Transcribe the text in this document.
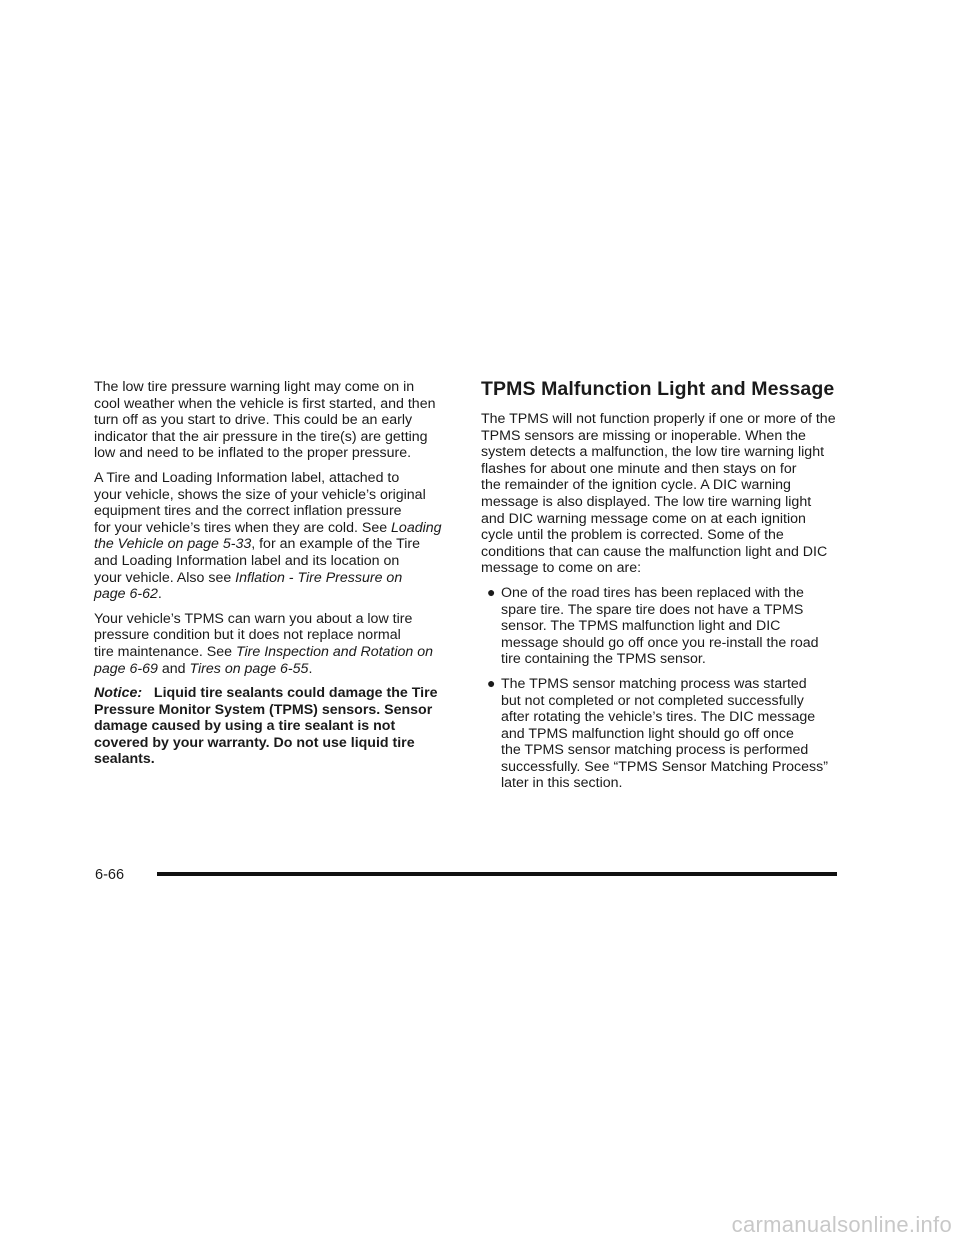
The low tire pressure warning light may come on in
cool weather when the vehicle is first started, and then
turn off as you start to drive. This could be an early
indicator that the air pressure in the tire(s) are getting
low and need to be inflated to the proper pressure.

A Tire and Loading Information label, attached to
your vehicle, shows the size of your vehicle’s original
equipment tires and the correct inflation pressure
for your vehicle’s tires when they are cold. See Loading
the Vehicle on page 5-33, for an example of the Tire
and Loading Information label and its location on
your vehicle. Also see Inflation - Tire Pressure on
page 6-62.

Your vehicle’s TPMS can warn you about a low tire
pressure condition but it does not replace normal
tire maintenance. See Tire Inspection and Rotation on
page 6-69 and Tires on page 6-55.

Notice: Liquid tire sealants could damage the Tire
Pressure Monitor System (TPMS) sensors. Sensor
damage caused by using a tire sealant is not
covered by your warranty. Do not use liquid tire
sealants.

TPMS Malfunction Light and Message

The TPMS will not function properly if one or more of the
TPMS sensors are missing or inoperable. When the
system detects a malfunction, the low tire warning light
flashes for about one minute and then stays on for
the remainder of the ignition cycle. A DIC warning
message is also displayed. The low tire warning light
and DIC warning message come on at each ignition
cycle until the problem is corrected. Some of the
conditions that can cause the malfunction light and DIC
message to come on are:

● One of the road tires has been replaced with the
spare tire. The spare tire does not have a TPMS
sensor. The TPMS malfunction light and DIC
message should go off once you re-install the road
tire containing the TPMS sensor.
● The TPMS sensor matching process was started
but not completed or not completed successfully
after rotating the vehicle’s tires. The DIC message
and TPMS malfunction light should go off once
the TPMS sensor matching process is performed
successfully. See “TPMS Sensor Matching Process”
later in this section.
6-66
carmanualsonline.info
